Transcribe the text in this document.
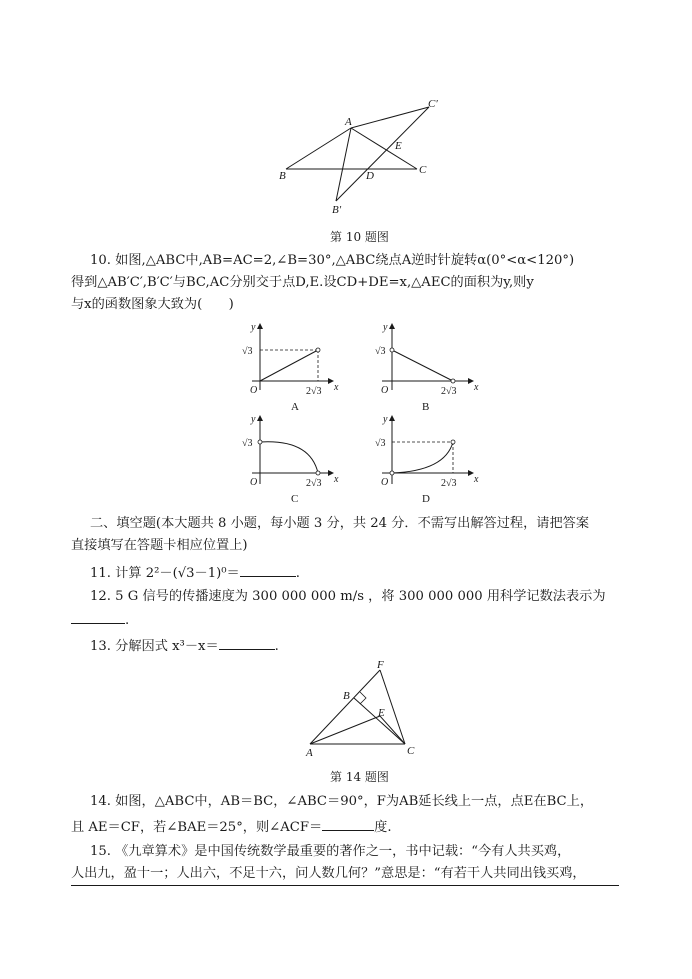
A
B	C
C′
B′
D
E
第 10 题图
10. 如图,△ABC中,AB=AC=2,∠B=30°,△ABC绕点A逆时针旋转α(0°<α<120°)
得到△AB′C′,B′C′与BC,AC分别交于点D,E.设CD+DE=x,△AEC的面积为y,则y
与x的函数图象大致为(　　)
y
x
O
√3
2√3
A
y
x
O
√3
2√3
B
y
x
O
√3
2√3
C
y
x
O
√3
2√3
D
二、填空题(本大题共 8 小题，每小题 3 分，共 24 分．不需写出解答过程，请把答案
直接填写在答题卡相应位置上)
11. 计算 2²－(√3－1)⁰＝	.
12. 5 G 信号的传播速度为 300 000 000 m/s ，将 300 000 000 用科学记数法表示为
.
13. 分解因式 x³－x＝	.
F
B
E
A	C
第 14 题图
14. 如图，△ABC中，AB＝BC，∠ABC＝90°，F为AB延长线上一点，点E在BC上，
且 AE＝CF，若∠BAE＝25°，则∠ACF＝	度.
15. 《九章算术》是中国传统数学最重要的著作之一，书中记载：“今有人共买鸡，
人出九，盈十一；人出六，不足十六，问人数几何？”意思是：“有若干人共同出钱买鸡，
